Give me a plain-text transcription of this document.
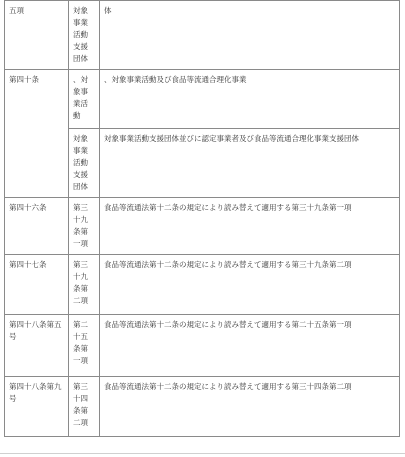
五項	対象事業活動支援団体	体
第四十条	、対象事業活動	、対象事業活動及び食品等流通合理化事業
	対象事業活動支援団体	対象事業活動支援団体並びに認定事業者及び食品等流通合理化事業支援団体
第四十六条	第三十九条第一項	食品等流通法第十二条の規定により読み替えて適用する第三十九条第一項
第四十七条	第三十九条第二項	食品等流通法第十二条の規定により読み替えて適用する第三十九条第二項
第四十八条第五号	第二十五条第一項	食品等流通法第十二条の規定により読み替えて適用する第二十五条第一項
第四十八条第九号	第三十四条第二項	食品等流通法第十二条の規定により読み替えて適用する第三十四条第二項
